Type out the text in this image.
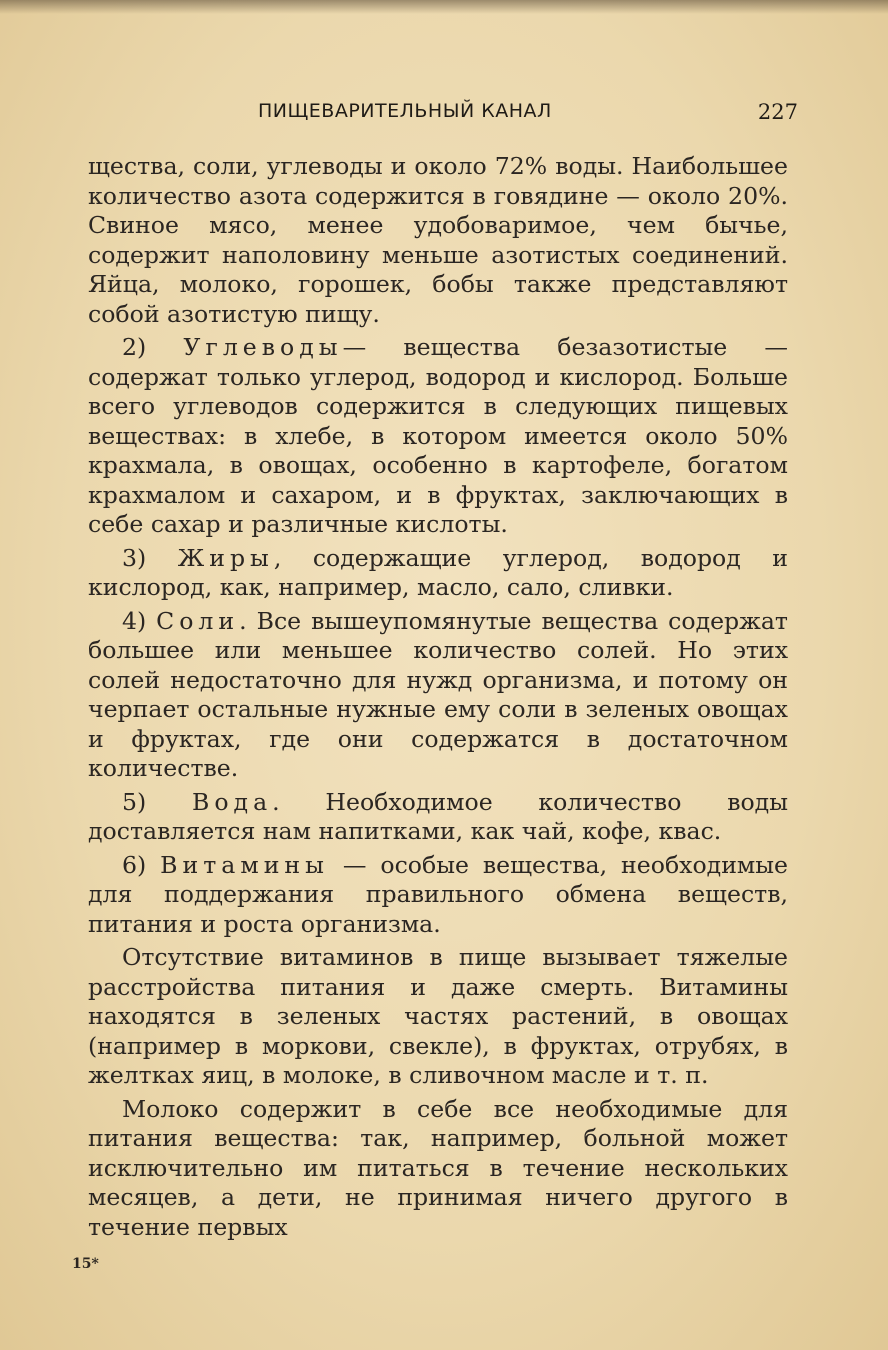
ПИЩЕВАРИТЕЛЬНЫЙ КАНАЛ	227

щества, соли, углеводы и около 72% воды. Наибольшее количество азота содержится в говядине — около 20%. Свиное мясо, менее удобоваримое, чем бычье, содержит наполовину меньше азотистых соединений. Яйца, молоко, горошек, бобы также представляют собой азотистую пищу.

2) Углеводы— вещества безазотистые — содержат только углерод, водород и кислород. Больше всего углеводов содержится в следующих пищевых веществах: в хлебе, в котором имеется около 50% крахмала, в овощах, особенно в картофеле, богатом крахмалом и сахаром, и в фруктах, заключающих в себе сахар и различные кислоты.

3) Жиры, содержащие углерод, водород и кислород, как, например, масло, сало, сливки.

4) Соли. Все вышеупомянутые вещества содержат большее или меньшее количество солей. Но этих солей недостаточно для нужд организма, и потому он черпает остальные нужные ему соли в зеленых овощах и фруктах, где они содержатся в достаточном количестве.

5) Вода. Необходимое количество воды доставляется нам напитками, как чай, кофе, квас.

6) Витамины — особые вещества, необходимые для поддержания правильного обмена веществ, питания и роста организма.

Отсутствие витаминов в пище вызывает тяжелые расстройства питания и даже смерть. Витамины находятся в зеленых частях растений, в овощах (например в моркови, свекле), в фруктах, отрубях, в желтках яиц, в молоке, в сливочном масле и т. п.

Молоко содержит в себе все необходимые для питания вещества: так, например, больной может исключительно им питаться в течение нескольких месяцев, а дети, не принимая ничего другого в течение первых

15*
